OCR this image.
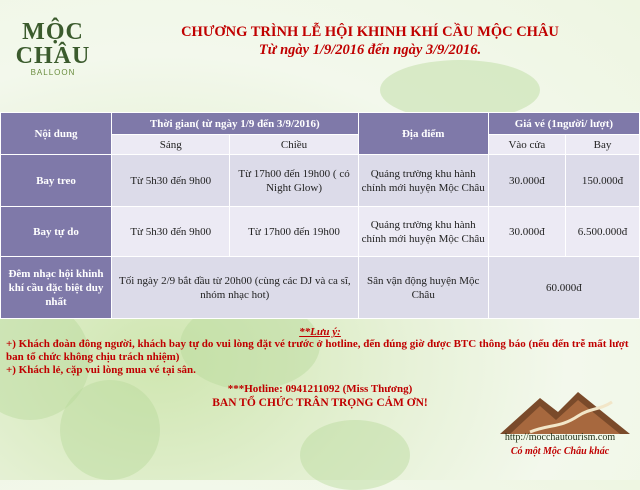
MỘC
CHÂU
BALLOON
CHƯƠNG TRÌNH LỄ HỘI KHINH KHÍ CẦU MỘC CHÂU
Từ ngày 1/9/2016 đến ngày 3/9/2016.
Nội dung	Thời gian( từ ngày 1/9 đến 3/9/2016)		Địa điểm	Giá vé (1người/ lượt)	
	Sáng	Chiều		Vào cửa	Bay
Bay treo	Từ 5h30 đến 9h00	Từ 17h00 đến 19h00 ( có Night Glow)	Quảng trường khu hành chính mới huyện Mộc Châu	30.000đ	150.000đ
Bay tự do	Từ 5h30 đến 9h00	Từ 17h00 đến 19h00	Quảng trường khu hành chính mới huyện Mộc Châu	30.000đ	6.500.000đ
Đêm nhạc hội khinh khí cầu đặc biệt duy nhất	Tối ngày 2/9 bắt đầu từ 20h00 (cùng các DJ và ca sĩ, nhóm nhạc hot)		Sân vận động huyện Mộc Châu	60.000đ	
**Lưu ý:
+) Khách đoàn đông người, khách bay tự do vui lòng đặt vé trước ở hotline, đến đúng giờ được BTC thông báo (nếu đến trễ mất lượt ban tổ chức không chịu trách nhiệm)
+) Khách lẻ, cặp vui lòng mua vé tại sân.
***Hotline: 0941211092 (Miss Thương)
BAN TỔ CHỨC TRÂN TRỌNG CẢM ƠN!
http://mocchautourism.com
Có một Mộc Châu khác
